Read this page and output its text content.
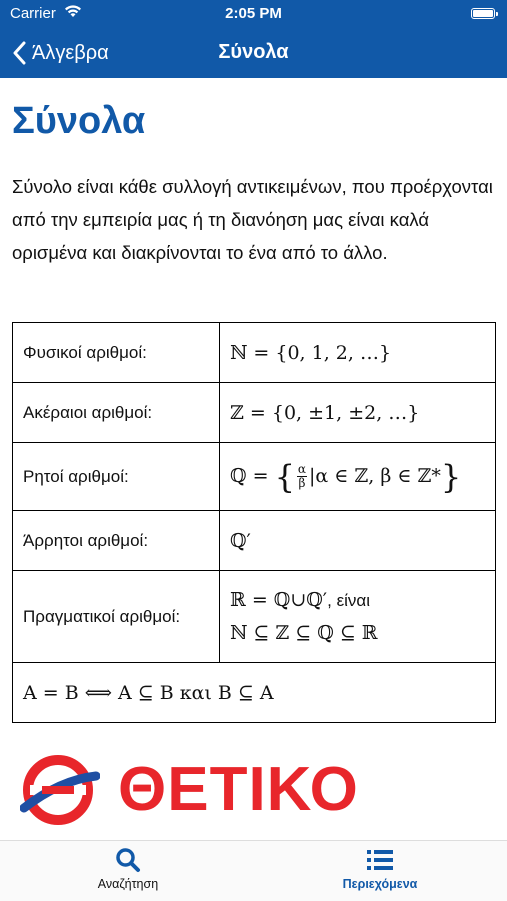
Carrier	2:05 PM
Άλγεβρα	Σύνολα
Σύνολα

Σύνολο είναι κάθε συλλογή αντικειμένων, που προέρχονται από την εμπειρία μας ή τη διανόηση μας είναι καλά ορισμένα και διακρίνονται το ένα από το άλλο.

Φυσικοί αριθμοί:	ℕ = {0, 1, 2, …}
Ακέραιοι αριθμοί:	ℤ = {0, ±1, ±2, …}
Ρητοί αριθμοί:	ℚ = { $\frac{\alpha}{\beta} |\alpha$ ∈ ℤ, β ∈ ℤ*}
Άρρητοι αριθμοί:	ℚ′
Πραγματικοί αριθμοί:	ℝ = ℚ∪ℚ′, είναι
ℕ ⊆ ℤ ⊆ ℚ ⊆ ℝ
A = B ⟺ A ⊆ B και B ⊆ A	
ΘΕΤΙΚΟ
Αναζήτηση	Περιεχόμενα
